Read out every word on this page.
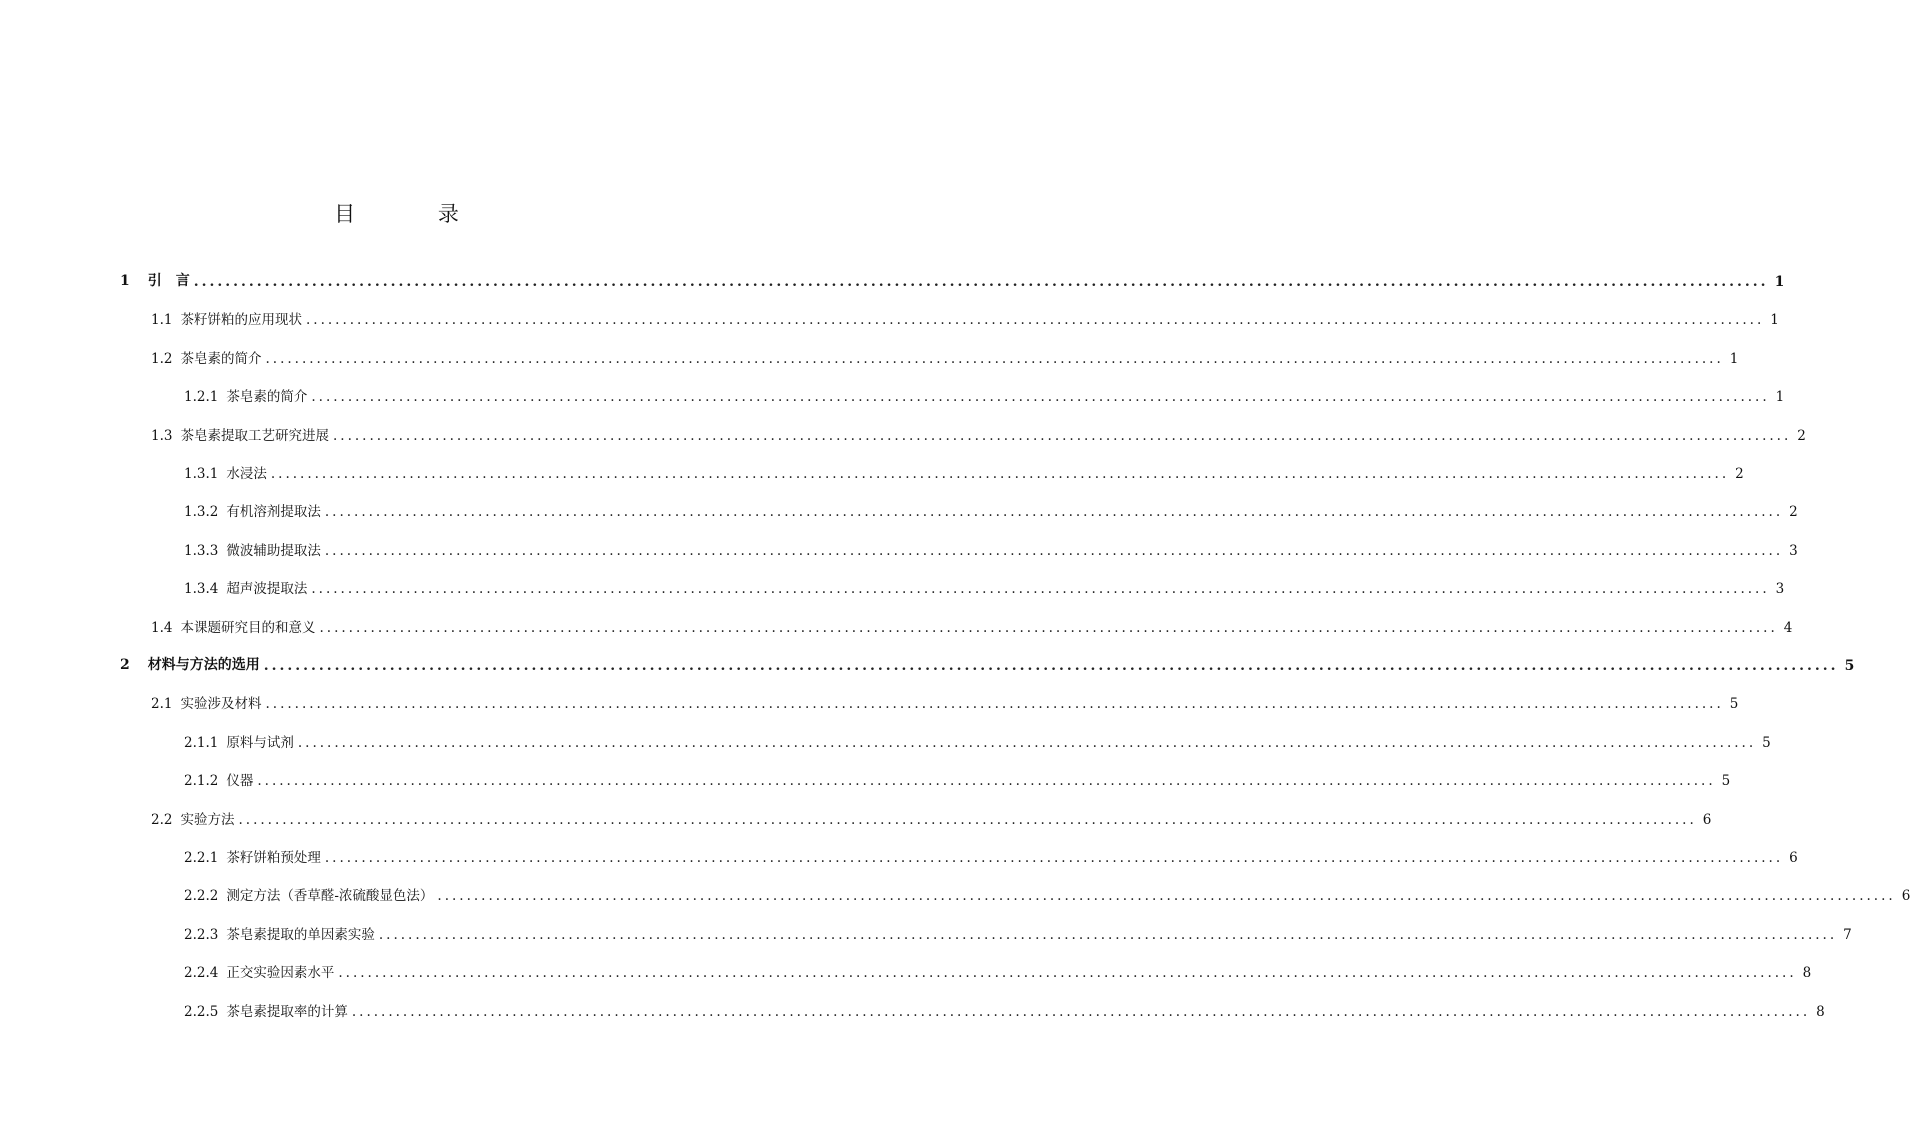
目 录
1 引　言 ........................................................................................................................................................................................................ 1
1.1 茶籽饼粕的应用现状 ........................................................................................................................................................................................................ 1
1.2 茶皂素的简介 ........................................................................................................................................................................................................ 1
1.2.1 茶皂素的简介 ........................................................................................................................................................................................................ 1
1.3 茶皂素提取工艺研究进展 ........................................................................................................................................................................................................ 2
1.3.1 水浸法 ........................................................................................................................................................................................................ 2
1.3.2 有机溶剂提取法 ........................................................................................................................................................................................................ 2
1.3.3 微波辅助提取法 ........................................................................................................................................................................................................ 3
1.3.4 超声波提取法 ........................................................................................................................................................................................................ 3
1.4 本课题研究目的和意义 ........................................................................................................................................................................................................ 4
2 材料与方法的选用 ........................................................................................................................................................................................................ 5
2.1 实验涉及材料 ........................................................................................................................................................................................................ 5
2.1.1 原料与试剂 ........................................................................................................................................................................................................ 5
2.1.2 仪器 ........................................................................................................................................................................................................ 5
2.2 实验方法 ........................................................................................................................................................................................................ 6
2.2.1 茶籽饼粕预处理 ........................................................................................................................................................................................................ 6
2.2.2 测定方法（香草醛-浓硫酸显色法） ........................................................................................................................................................................................................ 6
2.2.3 茶皂素提取的单因素实验 ........................................................................................................................................................................................................ 7
2.2.4 正交实验因素水平 ........................................................................................................................................................................................................ 8
2.2.5 茶皂素提取率的计算 ........................................................................................................................................................................................................ 8
